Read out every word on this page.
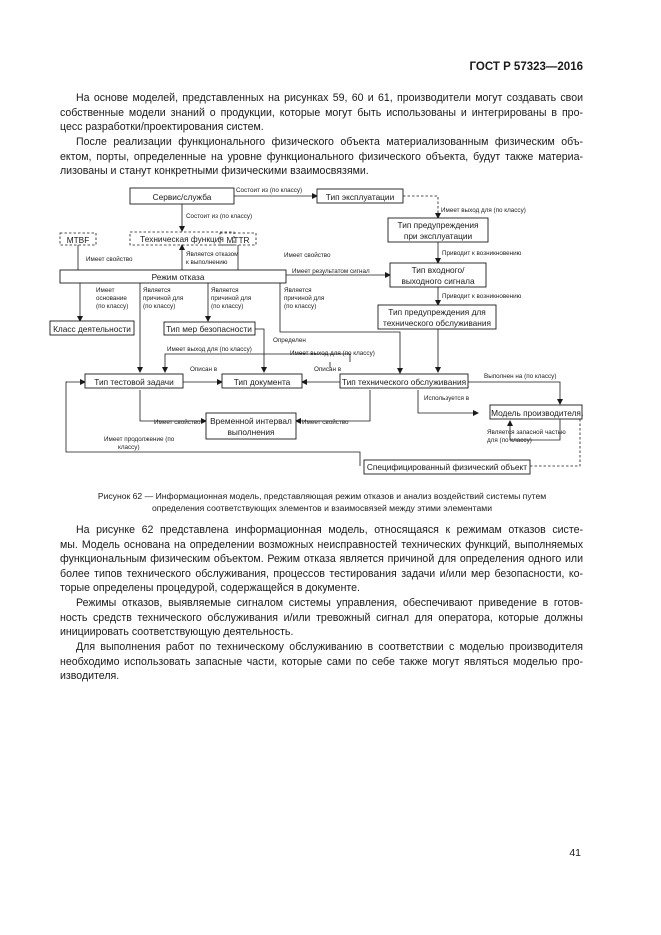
ГОСТ Р 57323—2016
На основе моделей, представленных на рисунках 59, 60 и 61, производители могут создавать свои
собственные модели знаний о продукции, которые могут быть использованы и интегрированы в про-
цесс разработки/проектирования систем.
После реализации функционального физического объекта материализованным физическим объ-
ектом, порты, определенные на уровне функционального физического объекта, будут также материа-
лизованы и станут конкретными физическими взаимосвязями.
Сервис/служба	Тип эксплуатации
Тип предупреждения
при эксплуатации
MTBF	Техническая функция MTTR
Режим отказа
Тип входного/
выходного сигнала
Тип предупреждения для
технического обслуживания
Класс деятельности	Тип мер безопасности
Тип тестовой задачи	Тип документа	Тип технического обслуживания
Модель производителя
Временной интервал
выполнения
Специфицированный физический объект
Состоит из (по классу)
Состоит из (по классу)
Имеет выход для (по классу)
Приводит к возникновению
Приводит к возникновению
Имеет свойство
Является отказом
к выполнению
Имеет свойство
Имеет результатом сигнал
Имеет
основание
(по классу)
Является
причиной для
(по классу)
Является
причиной для
(по классу)
Является
причиной для
(по классу)
Определен
Имеет выход для (по классу)
Имеет выход для (по классу)
Описан в	Описан в
Выполнен на (по классу)
Используется в
Имеет свойство	Имеет свойство
Является запасной частью
для (по классу)
Имеет продолжение (по
классу)
Рисунок 62 — Информационная модель, представляющая режим отказов и анализ воздействий системы путем
определения соответствующих элементов и взаимосвязей между этими элементами
На рисунке 62 представлена информационная модель, относящаяся к режимам отказов систе-
мы. Модель основана на определении возможных неисправностей технических функций, выполняемых
функциональным физическим объектом. Режим отказа является причиной для определения одного или
более типов технического обслуживания, процессов тестирования задачи и/или мер безопасности, ко-
торые определены процедурой, содержащейся в документе.
Режимы отказов, выявляемые сигналом системы управления, обеспечивают приведение в готов-
ность средств технического обслуживания и/или тревожный сигнал для оператора, которые должны
инициировать соответствующую деятельность.
Для выполнения работ по техническому обслуживанию в соответствии с моделью производителя
необходимо использовать запасные части, которые сами по себе также могут являться моделью про-
изводителя.
41
